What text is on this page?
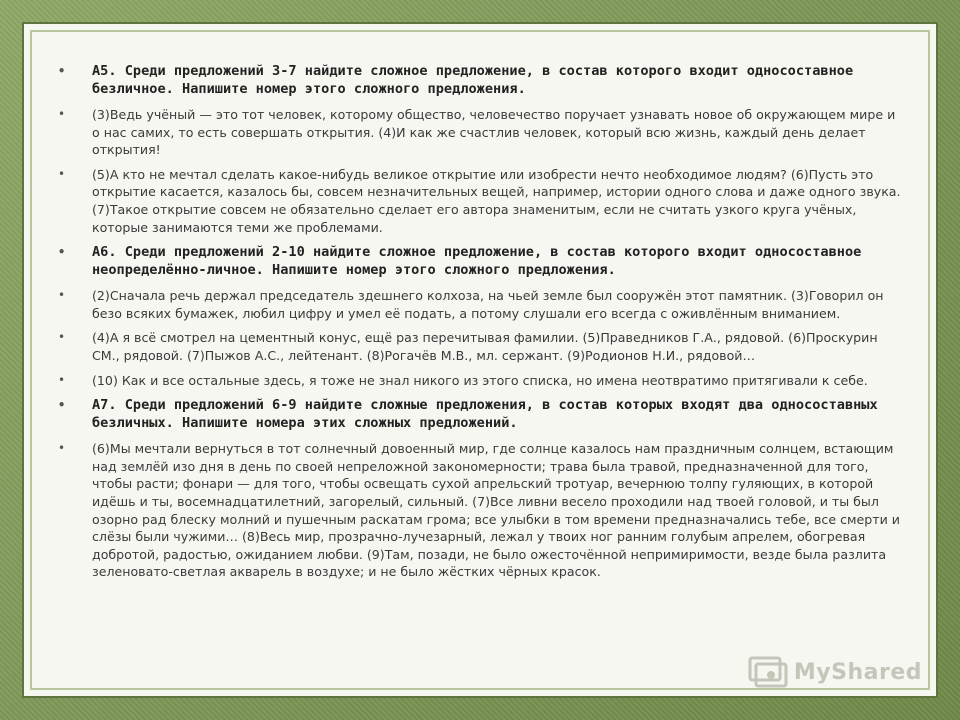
• А5. Среди предложений 3-7 найдите сложное предложение, в состав которого входит односоставное безличное. Напишите номер этого сложного предложения.
• (3)Ведь учёный — это тот человек, которому общество, человечество поручает узнавать новое об окружающем мире и о нас самих, то есть совершать открытия. (4)И как же счастлив человек, который всю жизнь, каждый день делает открытия!
• (5)А кто не мечтал сделать какое-нибудь великое открытие или изобрести нечто необходимое людям? (6)Пусть это открытие касается, казалось бы, совсем незначительных вещей, например, истории одного слова и даже одного звука. (7)Такое открытие совсем не обязательно сделает его автора знаменитым, если не считать узкого круга учёных, которые занимаются теми же проблемами.
• А6. Среди предложений 2-10 найдите сложное предложение, в состав которого входит односоставное неопределённо-личное. Напишите номер этого сложного предложения.
• (2)Сначала речь держал председатель здешнего колхоза, на чьей земле был сооружён этот памятник. (3)Говорил он безо всяких бумажек, любил цифру и умел её подать, а потому слушали его всегда с оживлённым вниманием.
• (4)А я всё смотрел на цементный конус, ещё раз перечитывая фамилии. (5)Праведников Г.А., рядовой. (6)Проскурин СМ., рядовой. (7)Пыжов А.С., лейтенант. (8)Рогачёв М.В., мл. сержант. (9)Родионов Н.И., рядовой…
• (10) Как и все остальные здесь, я тоже не знал никого из этого списка, но имена неотвратимо притягивали к себе.
• А7. Среди предложений 6-9 найдите сложные предложения, в состав которых входят два односоставных безличных. Напишите номера этих сложных предложений.
• (6)Мы мечтали вернуться в тот солнечный довоенный мир, где солнце казалось нам праздничным солнцем, встающим над землёй изо дня в день по своей непреложной закономерности; трава была травой, предназначенной для того, чтобы расти; фонари — для того, чтобы освещать сухой апрельский тротуар, вечернюю толпу гуляющих, в которой идёшь и ты, восемнадцатилетний, загорелый, сильный. (7)Все ливни весело проходили над твоей головой, и ты был озорно рад блеску молний и пушечным раскатам грома; все улыбки в том времени предназначались тебе, все смерти и слёзы были чужими… (8)Весь мир, прозрачно-лучезарный, лежал у твоих ног ранним голубым апрелем, обогревая добротой, радостью, ожиданием любви. (9)Там, позади, не было ожесточённой непримиримости, везде была разлита зеленовато-светлая акварель в воздухе; и не было жёстких чёрных красок.
MyShared
